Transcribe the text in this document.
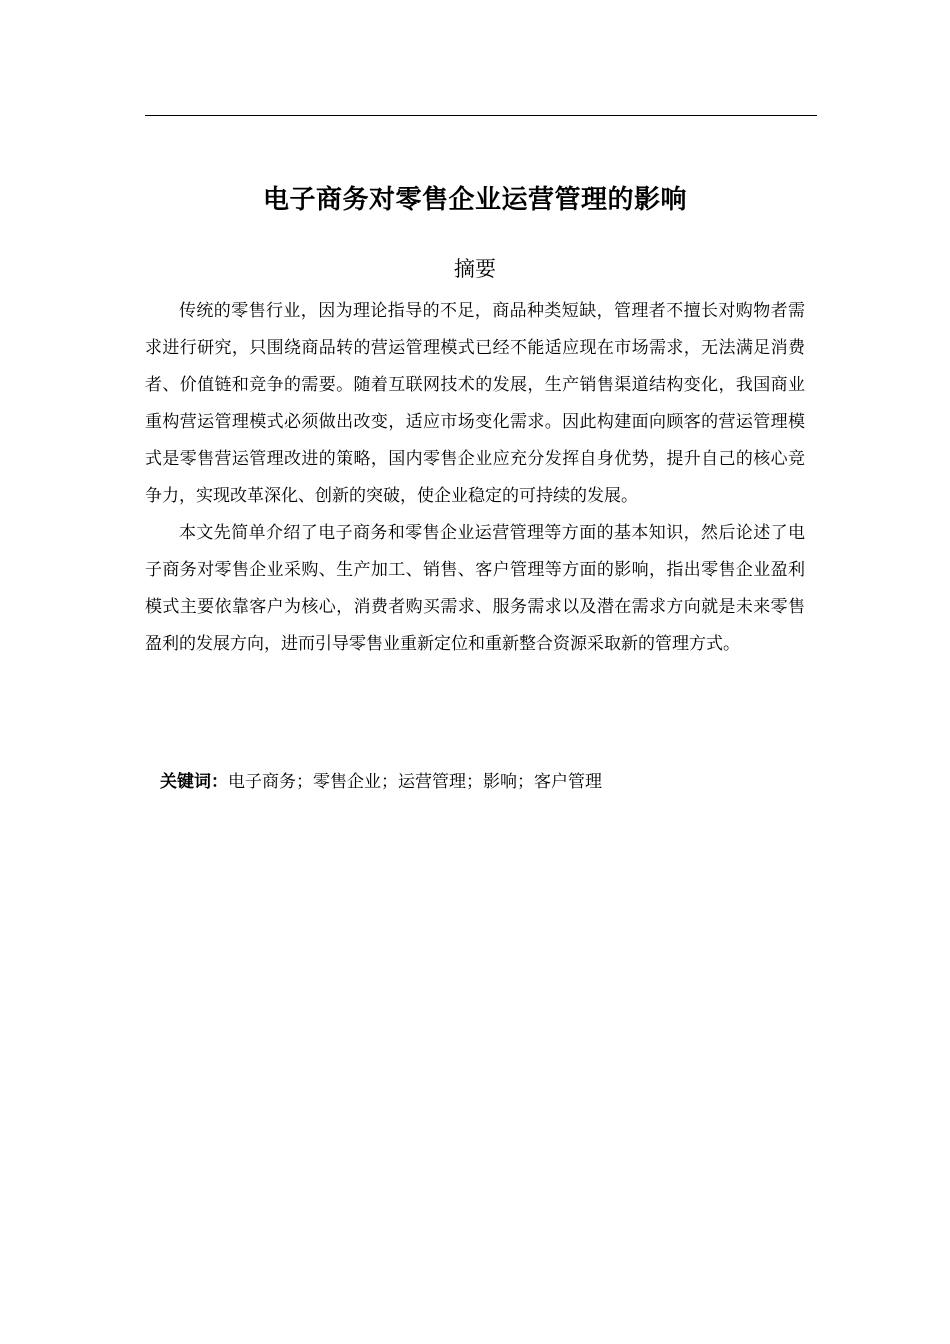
电子商务对零售企业运营管理的影响
摘要

传统的零售行业，因为理论指导的不足，商品种类短缺，管理者不擅长对购物者需求进行研究，只围绕商品转的营运管理模式已经不能适应现在市场需求，无法满足消费者、价值链和竞争的需要。随着互联网技术的发展，生产销售渠道结构变化，我国商业重构营运管理模式必须做出改变，适应市场变化需求。因此构建面向顾客的营运管理模式是零售营运管理改进的策略，国内零售企业应充分发挥自身优势，提升自己的核心竞争力，实现改革深化、创新的突破，使企业稳定的可持续的发展。

本文先简单介绍了电子商务和零售企业运营管理等方面的基本知识，然后论述了电子商务对零售企业采购、生产加工、销售、客户管理等方面的影响，指出零售企业盈利模式主要依靠客户为核心，消费者购买需求、服务需求以及潜在需求方向就是未来零售盈利的发展方向，进而引导零售业重新定位和重新整合资源采取新的管理方式。

关键词：电子商务；零售企业；运营管理；影响；客户管理
